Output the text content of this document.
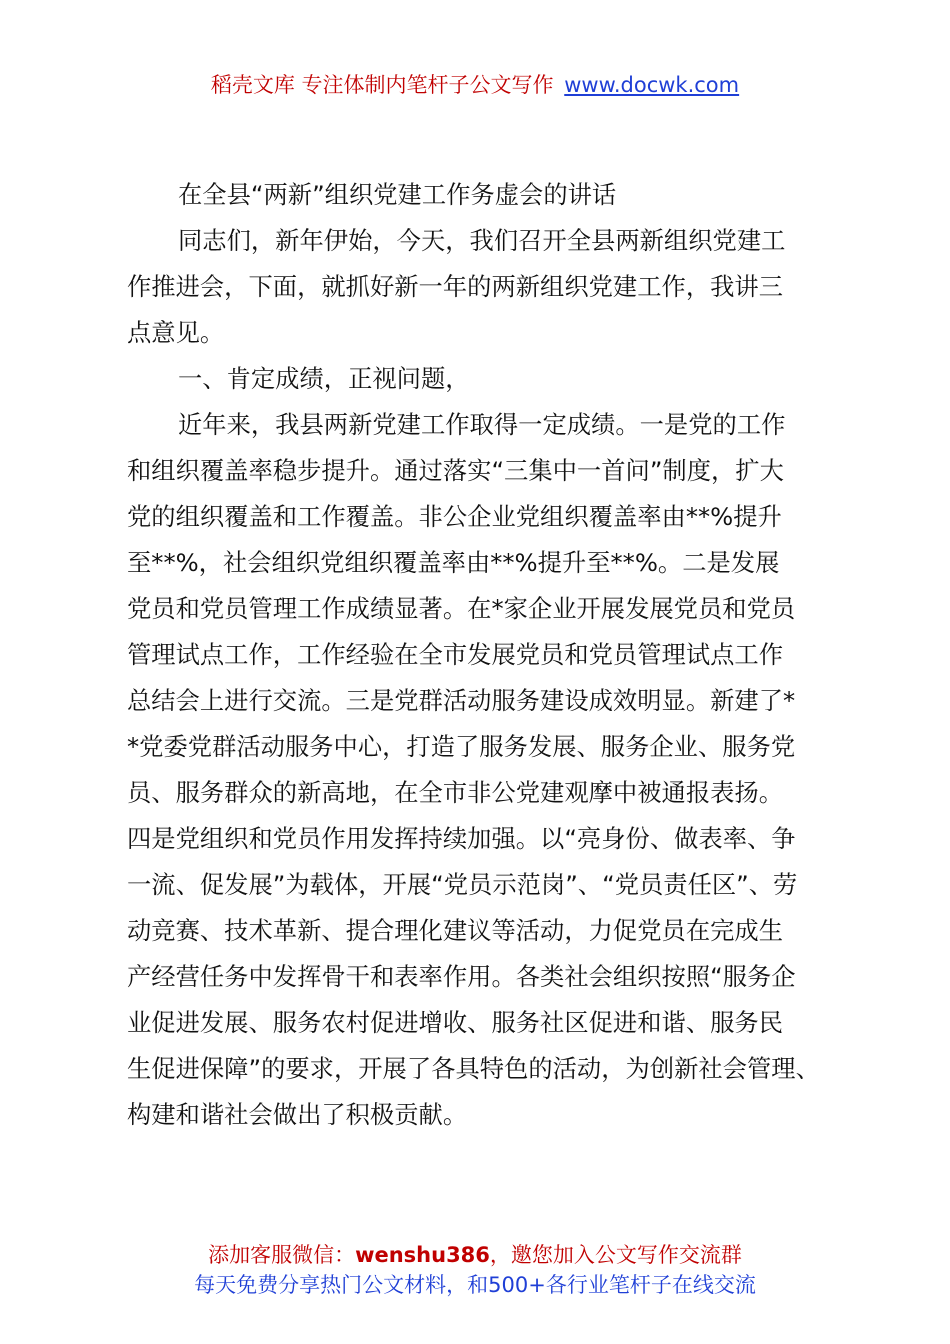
稻壳文库 专注体制内笔杆子公文写作 www.docwk.com
在全县“两新”组织党建工作务虚会的讲话
同志们，新年伊始，今天，我们召开全县两新组织党建工
作推进会，下面，就抓好新一年的两新组织党建工作，我讲三
点意见。
一、肯定成绩，正视问题，
近年来，我县两新党建工作取得一定成绩。一是党的工作
和组织覆盖率稳步提升。通过落实“三集中一首问”制度，扩大
党的组织覆盖和工作覆盖。非公企业党组织覆盖率由**%提升
至**%，社会组织党组织覆盖率由**%提升至**%。二是发展
党员和党员管理工作成绩显著。在*家企业开展发展党员和党员
管理试点工作，工作经验在全市发展党员和党员管理试点工作
总结会上进行交流。三是党群活动服务建设成效明显。新建了*
*党委党群活动服务中心，打造了服务发展、服务企业、服务党
员、服务群众的新高地，在全市非公党建观摩中被通报表扬。
四是党组织和党员作用发挥持续加强。以“亮身份、做表率、争
一流、促发展”为载体，开展“党员示范岗”、“党员责任区”、劳
动竞赛、技术革新、提合理化建议等活动，力促党员在完成生
产经营任务中发挥骨干和表率作用。各类社会组织按照“服务企
业促进发展、服务农村促进增收、服务社区促进和谐、服务民
生促进保障”的要求，开展了各具特色的活动，为创新社会管理、
构建和谐社会做出了积极贡献。
添加客服微信：wenshu386，邀您加入公文写作交流群
每天免费分享热门公文材料，和500+各行业笔杆子在线交流
